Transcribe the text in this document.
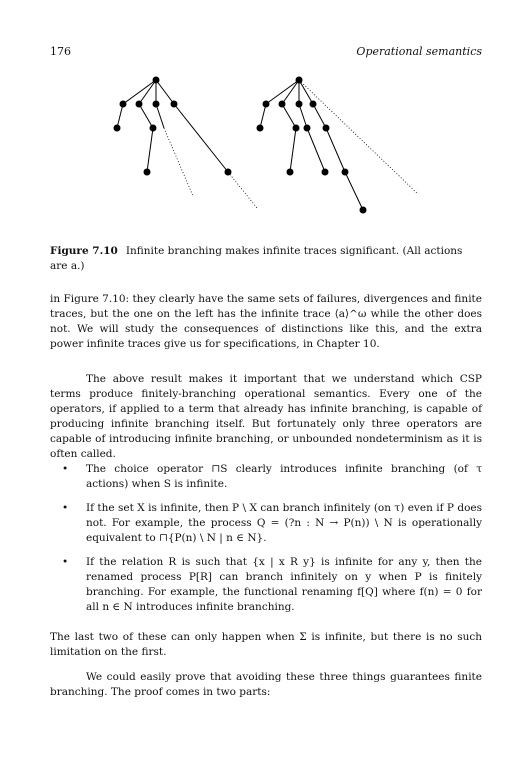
176	Operational semantics
Figure 7.10 Infinite branching makes infinite traces significant. (All actions are a.)

in Figure 7.10: they clearly have the same sets of failures, divergences and finite traces, but the one on the left has the infinite trace ⟨a⟩^ω while the other does not. We will study the consequences of distinctions like this, and the extra power infinite traces give us for specifications, in Chapter 10.

The above result makes it important that we understand which CSP terms produce finitely-branching operational semantics. Every one of the operators, if applied to a term that already has infinite branching, is capable of producing infinite branching itself. But fortunately only three operators are capable of introducing infinite branching, or unbounded nondeterminism as it is often called.

• The choice operator ⊓S clearly introduces infinite branching (of τ actions) when S is infinite.
• If the set X is infinite, then P \ X can branch infinitely (on τ) even if P does not. For example, the process Q = (?n : N → P(n)) \ N is operationally equivalent to ⊓{P(n) \ N | n ∈ N}.
• If the relation R is such that {x | x R y} is infinite for any y, then the renamed process P[R] can branch infinitely on y when P is finitely branching. For example, the functional renaming f[Q] where f(n) = 0 for all n ∈ N introduces infinite branching.

The last two of these can only happen when Σ is infinite, but there is no such limitation on the first.

We could easily prove that avoiding these three things guarantees finite branching. The proof comes in two parts:
